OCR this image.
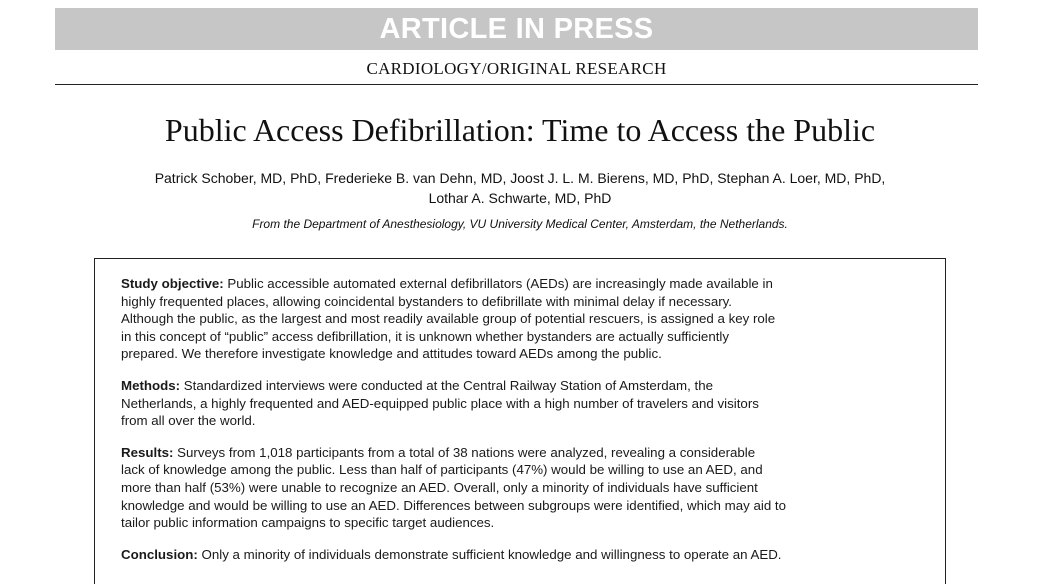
ARTICLE IN PRESS
CARDIOLOGY/ORIGINAL RESEARCH
Public Access Defibrillation: Time to Access the Public
Patrick Schober, MD, PhD, Frederieke B. van Dehn, MD, Joost J. L. M. Bierens, MD, PhD, Stephan A. Loer, MD, PhD,
Lothar A. Schwarte, MD, PhD
From the Department of Anesthesiology, VU University Medical Center, Amsterdam, the Netherlands.
Study objective: Public accessible automated external defibrillators (AEDs) are increasingly made available in
highly frequented places, allowing coincidental bystanders to defibrillate with minimal delay if necessary.
Although the public, as the largest and most readily available group of potential rescuers, is assigned a key role
in this concept of “public” access defibrillation, it is unknown whether bystanders are actually sufficiently
prepared. We therefore investigate knowledge and attitudes toward AEDs among the public.
Methods: Standardized interviews were conducted at the Central Railway Station of Amsterdam, the
Netherlands, a highly frequented and AED-equipped public place with a high number of travelers and visitors
from all over the world.
Results: Surveys from 1,018 participants from a total of 38 nations were analyzed, revealing a considerable
lack of knowledge among the public. Less than half of participants (47%) would be willing to use an AED, and
more than half (53%) were unable to recognize an AED. Overall, only a minority of individuals have sufficient
knowledge and would be willing to use an AED. Differences between subgroups were identified, which may aid to
tailor public information campaigns to specific target audiences.
Conclusion: Only a minority of individuals demonstrate sufficient knowledge and willingness to operate an AED.
